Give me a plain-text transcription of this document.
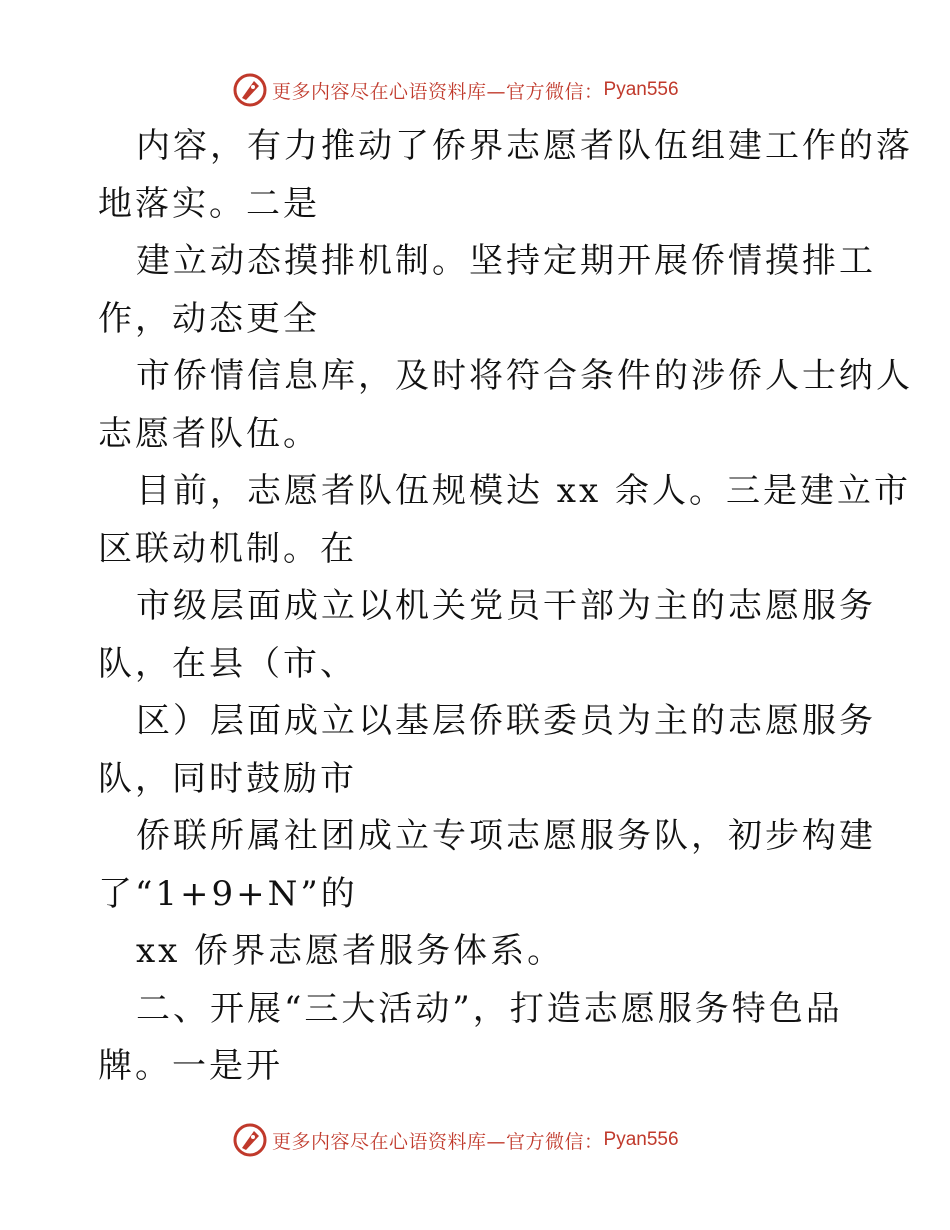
更多内容尽在心语资料库—官方微信： Pyan556

内容，有力推动了侨界志愿者队伍组建工作的落

地落实。二是

建立动态摸排机制。坚持定期开展侨情摸排工

作，动态更全

市侨情信息库，及时将符合条件的涉侨人士纳人

志愿者队伍。

目前，志愿者队伍规模达 xx 余人。三是建立市

区联动机制。在

市级层面成立以机关党员干部为主的志愿服务

队，在县（市、

区）层面成立以基层侨联委员为主的志愿服务

队，同时鼓励市

侨联所属社团成立专项志愿服务队，初步构建

了“1+9+N”的

xx 侨界志愿者服务体系。

二、开展“三大活动”，打造志愿服务特色品

牌。一是开

更多内容尽在心语资料库—官方微信： Pyan556
